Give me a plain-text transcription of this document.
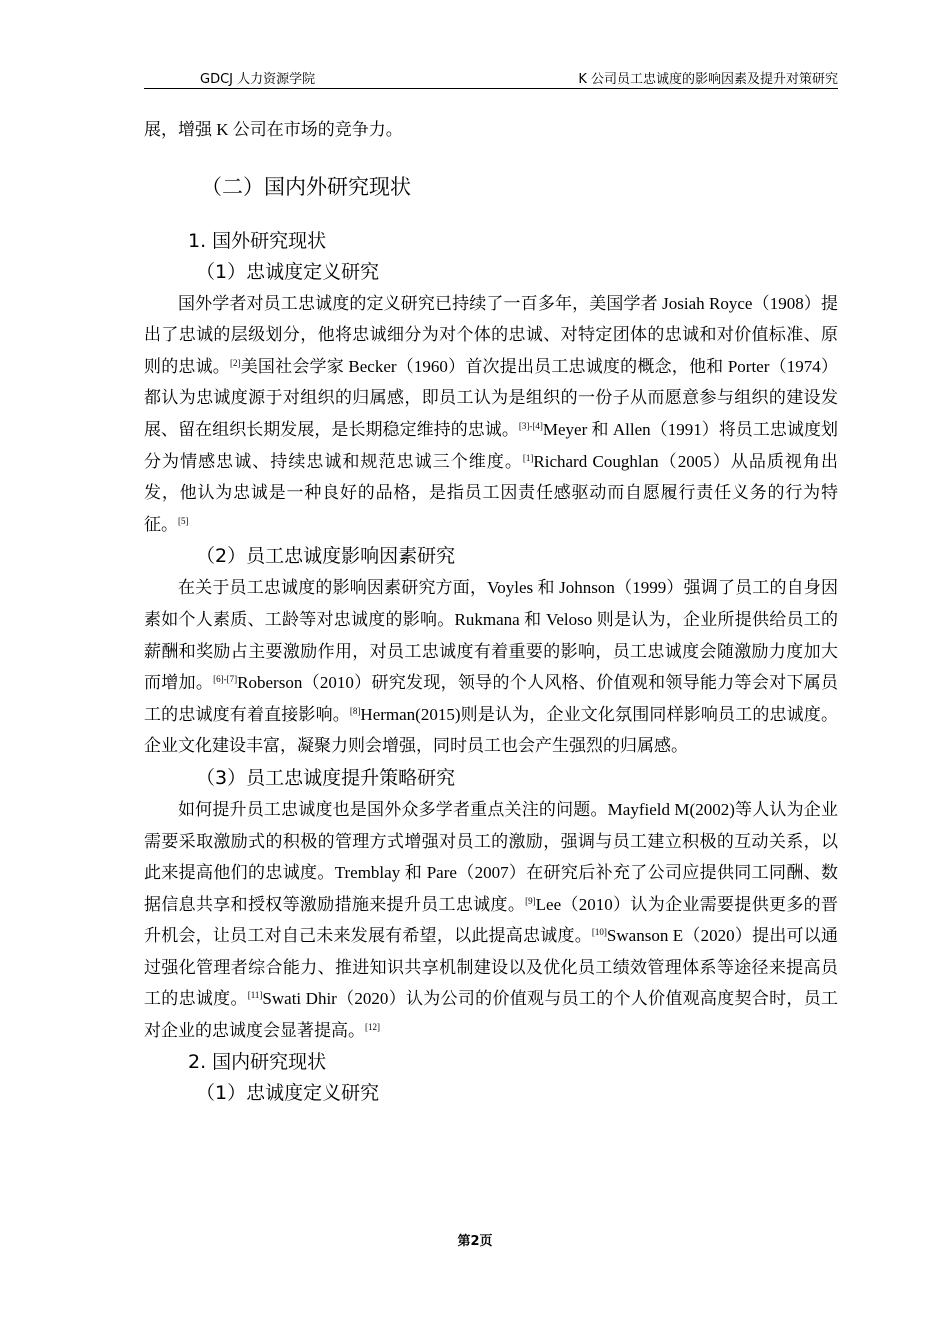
GDCJ 人力资源学院	K 公司员工忠诚度的影响因素及提升对策研究

展，增强 K 公司在市场的竞争力。

（二）国内外研究现状

1. 国外研究现状

（1）忠诚度定义研究

国外学者对员工忠诚度的定义研究已持续了一百多年，美国学者 Josiah Royce（1908）提出了忠诚的层级划分，他将忠诚细分为对个体的忠诚、对特定团体的忠诚和对价值标准、原则的忠诚。[2]美国社会学家 Becker（1960）首次提出员工忠诚度的概念，他和 Porter（1974）都认为忠诚度源于对组织的归属感，即员工认为是组织的一份子从而愿意参与组织的建设发展、留在组织长期发展，是长期稳定维持的忠诚。[3]-[4]Meyer 和 Allen（1991）将员工忠诚度划分为情感忠诚、持续忠诚和规范忠诚三个维度。[1]Richard Coughlan（2005）从品质视角出发，他认为忠诚是一种良好的品格，是指员工因责任感驱动而自愿履行责任义务的行为特征。[5]

（2）员工忠诚度影响因素研究

在关于员工忠诚度的影响因素研究方面，Voyles 和 Johnson（1999）强调了员工的自身因素如个人素质、工龄等对忠诚度的影响。Rukmana 和 Veloso 则是认为，企业所提供给员工的薪酬和奖励占主要激励作用，对员工忠诚度有着重要的影响，员工忠诚度会随激励力度加大而增加。[6]-[7]Roberson（2010）研究发现，领导的个人风格、价值观和领导能力等会对下属员工的忠诚度有着直接影响。[8]Herman(2015)则是认为，企业文化氛围同样影响员工的忠诚度。企业文化建设丰富，凝聚力则会增强，同时员工也会产生强烈的归属感。

（3）员工忠诚度提升策略研究

如何提升员工忠诚度也是国外众多学者重点关注的问题。Mayfield M(2002)等人认为企业需要采取激励式的积极的管理方式增强对员工的激励，强调与员工建立积极的互动关系，以此来提高他们的忠诚度。Tremblay 和 Pare（2007）在研究后补充了公司应提供同工同酬、数据信息共享和授权等激励措施来提升员工忠诚度。[9]Lee（2010）认为企业需要提供更多的晋升机会，让员工对自己未来发展有希望，以此提高忠诚度。[10]Swanson E（2020）提出可以通过强化管理者综合能力、推进知识共享机制建设以及优化员工绩效管理体系等途径来提高员工的忠诚度。[11]Swati Dhir（2020）认为公司的价值观与员工的个人价值观高度契合时，员工对企业的忠诚度会显著提高。[12]

2. 国内研究现状

（1）忠诚度定义研究

第2页
